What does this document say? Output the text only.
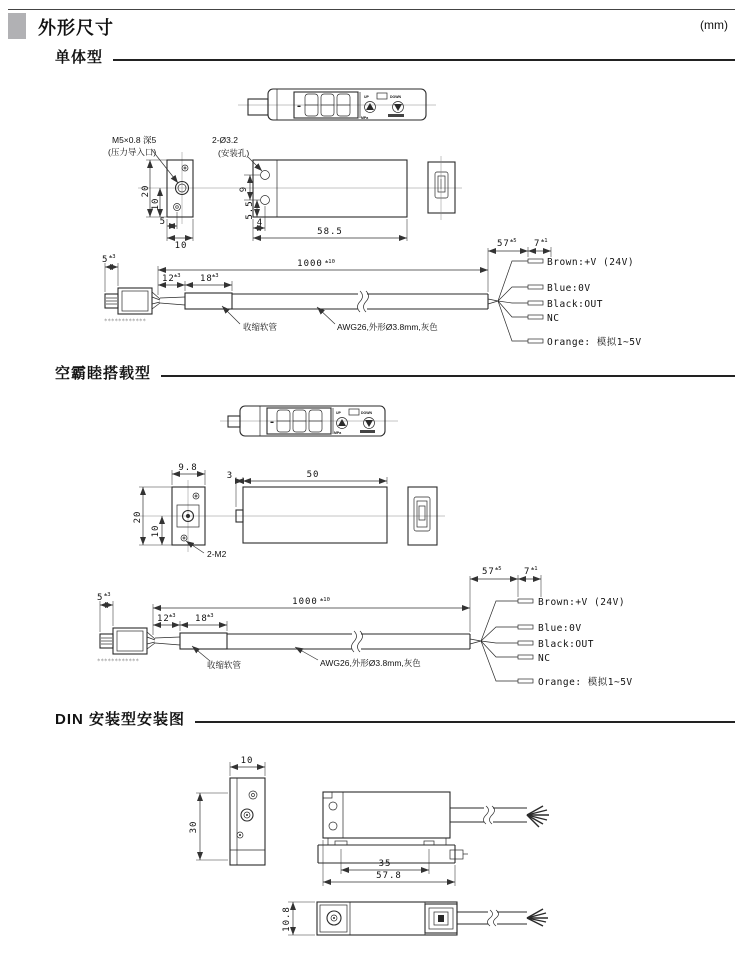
外形尺寸	(mm)
单体型
空霸睦搭载型
DIN 安装型安装图
-
UP	DOWN
MPa
M5×0.8 深5
(压力导入口)
20
10
5
10
2-Ø3.2
(安装孔)
9
5.5
4
58.5
＊＊＊＊＊＊＊＊＊＊＊＊
Brown:+V (24V)
Blue:0V
Black:OUT
NC
Orange: 模拟1~5V
5 ±3
1000 ±10
12 ±3 18 ±3
57 ±5 7 ±1
收缩软管	AWG26,外形Ø3.8mm,灰色
-
UP	DOWN
MPa
9.8
20
10
2-M2
3	50
＊＊＊＊＊＊＊＊＊＊＊＊
Brown:+V (24V)
Blue:0V
Black:OUT
NC
Orange: 模拟1~5V
5 ±3
1000 ±10
12 ±3 18 ±3
57 ±5 7 ±1
收缩软管	AWG26,外形Ø3.8mm,灰色
10
30
35
57.8
10.8
